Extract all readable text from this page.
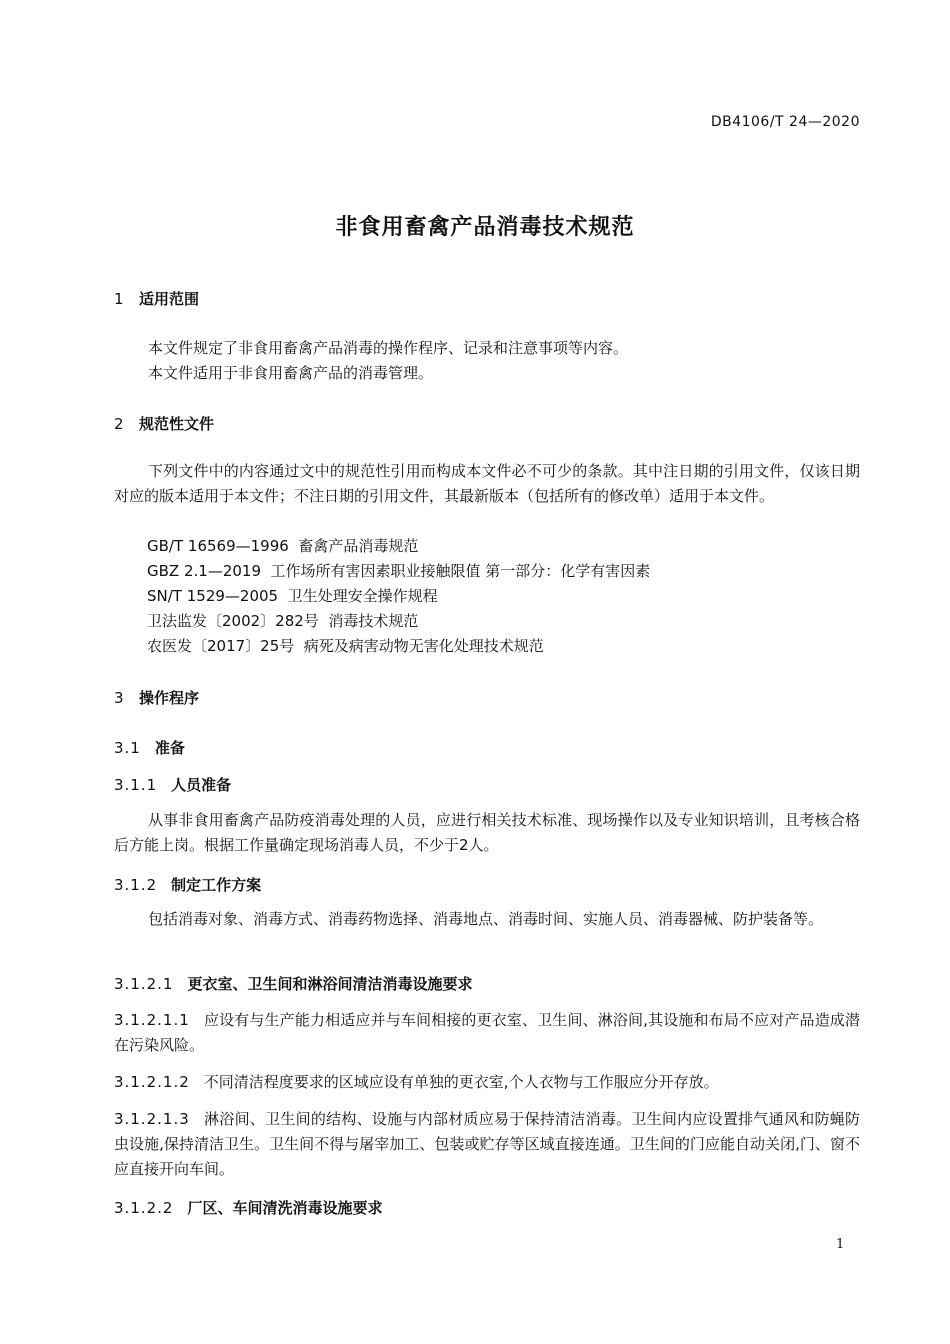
DB4106/T 24—2020
非食用畜禽产品消毒技术规范
1 适用范围
本文件规定了非食用畜禽产品消毒的操作程序、记录和注意事项等内容。
本文件适用于非食用畜禽产品的消毒管理。
2 规范性文件
下列文件中的内容通过文中的规范性引用而构成本文件必不可少的条款。其中注日期的引用文件，仅该日期对应的版本适用于本文件；不注日期的引用文件，其最新版本（包括所有的修改单）适用于本文件。
GB/T 16569—1996  畜禽产品消毒规范
GBZ 2.1—2019  工作场所有害因素职业接触限值 第一部分：化学有害因素
SN/T 1529—2005  卫生处理安全操作规程
卫法监发〔2002〕282号  消毒技术规范
农医发〔2017〕25号  病死及病害动物无害化处理技术规范
3 操作程序
3.1 准备
3.1.1 人员准备
从事非食用畜禽产品防疫消毒处理的人员，应进行相关技术标准、现场操作以及专业知识培训，且考核合格后方能上岗。根据工作量确定现场消毒人员，不少于2人。
3.1.2 制定工作方案
包括消毒对象、消毒方式、消毒药物选择、消毒地点、消毒时间、实施人员、消毒器械、防护装备等。
3.1.2.1 更衣室、卫生间和淋浴间清洁消毒设施要求
3.1.2.1.1 应设有与生产能力相适应并与车间相接的更衣室、卫生间、淋浴间,其设施和布局不应对产品造成潜在污染风险。
3.1.2.1.2 不同清洁程度要求的区域应设有单独的更衣室,个人衣物与工作服应分开存放。
3.1.2.1.3 淋浴间、卫生间的结构、设施与内部材质应易于保持清洁消毒。卫生间内应设置排气通风和防蝇防虫设施,保持清洁卫生。卫生间不得与屠宰加工、包装或贮存等区域直接连通。卫生间的门应能自动关闭,门、窗不应直接开向车间。
3.1.2.2 厂区、车间清洗消毒设施要求
1
